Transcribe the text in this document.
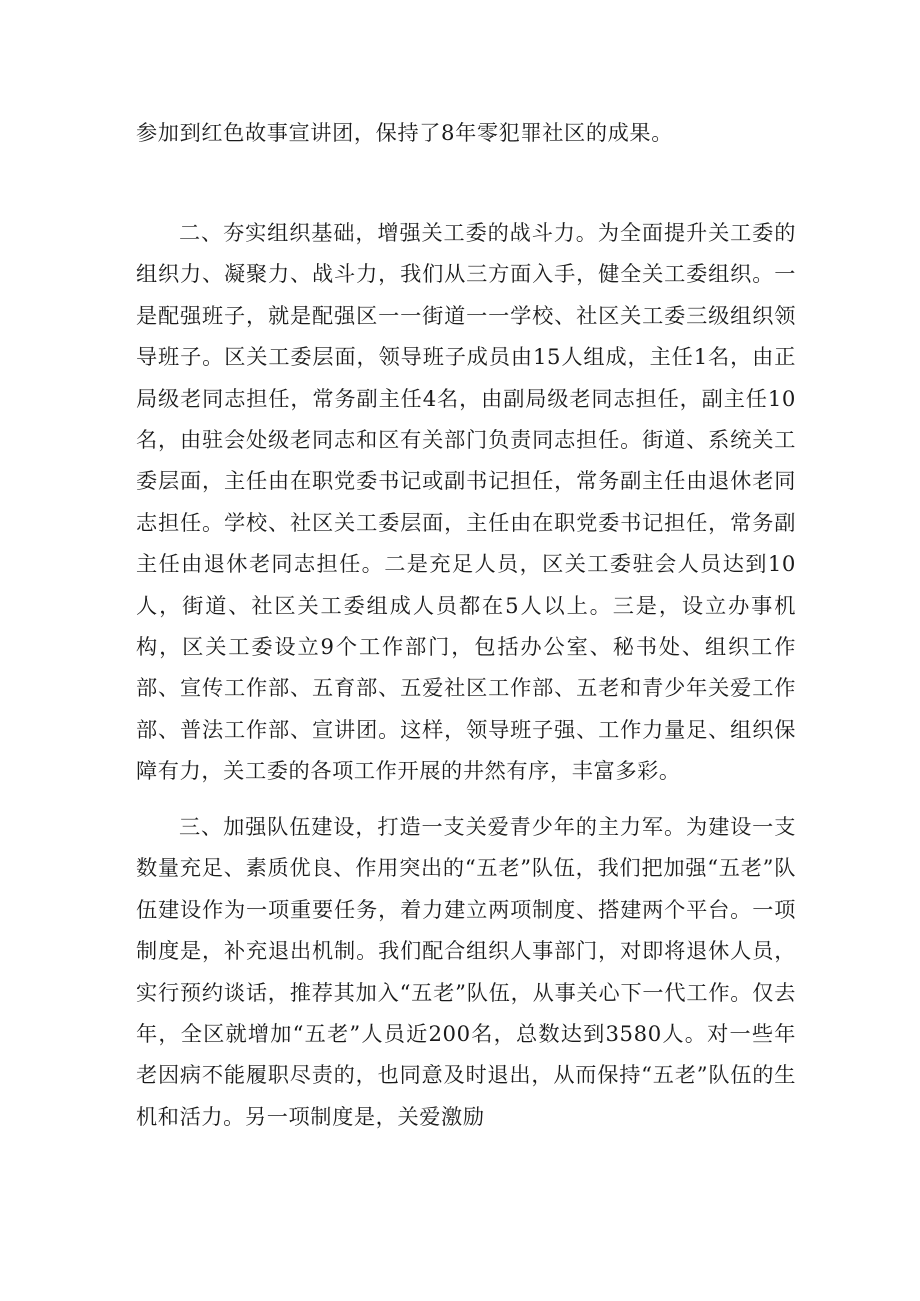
参加到红色故事宣讲团，保持了8年零犯罪社区的成果。

二、夯实组织基础，增强关工委的战斗力。为全面提升关工委的组织力、凝聚力、战斗力，我们从三方面入手，健全关工委组织。一是配强班子，就是配强区一一街道一一学校、社区关工委三级组织领导班子。区关工委层面，领导班子成员由15人组成，主任1名，由正局级老同志担任，常务副主任4名，由副局级老同志担任，副主任10名，由驻会处级老同志和区有关部门负责同志担任。街道、系统关工委层面，主任由在职党委书记或副书记担任，常务副主任由退休老同志担任。学校、社区关工委层面，主任由在职党委书记担任，常务副主任由退休老同志担任。二是充足人员，区关工委驻会人员达到10人，街道、社区关工委组成人员都在5人以上。三是，设立办事机构，区关工委设立9个工作部门，包括办公室、秘书处、组织工作部、宣传工作部、五育部、五爱社区工作部、五老和青少年关爱工作部、普法工作部、宣讲团。这样，领导班子强、工作力量足、组织保障有力，关工委的各项工作开展的井然有序，丰富多彩。

三、加强队伍建设，打造一支关爱青少年的主力军。为建设一支数量充足、素质优良、作用突出的“五老”队伍，我们把加强“五老”队伍建设作为一项重要任务，着力建立两项制度、搭建两个平台。一项制度是，补充退出机制。我们配合组织人事部门，对即将退休人员，实行预约谈话，推荐其加入“五老”队伍，从事关心下一代工作。仅去年，全区就增加“五老”人员近200名，总数达到3580人。对一些年老因病不能履职尽责的，也同意及时退出，从而保持“五老”队伍的生机和活力。另一项制度是，关爱激励
